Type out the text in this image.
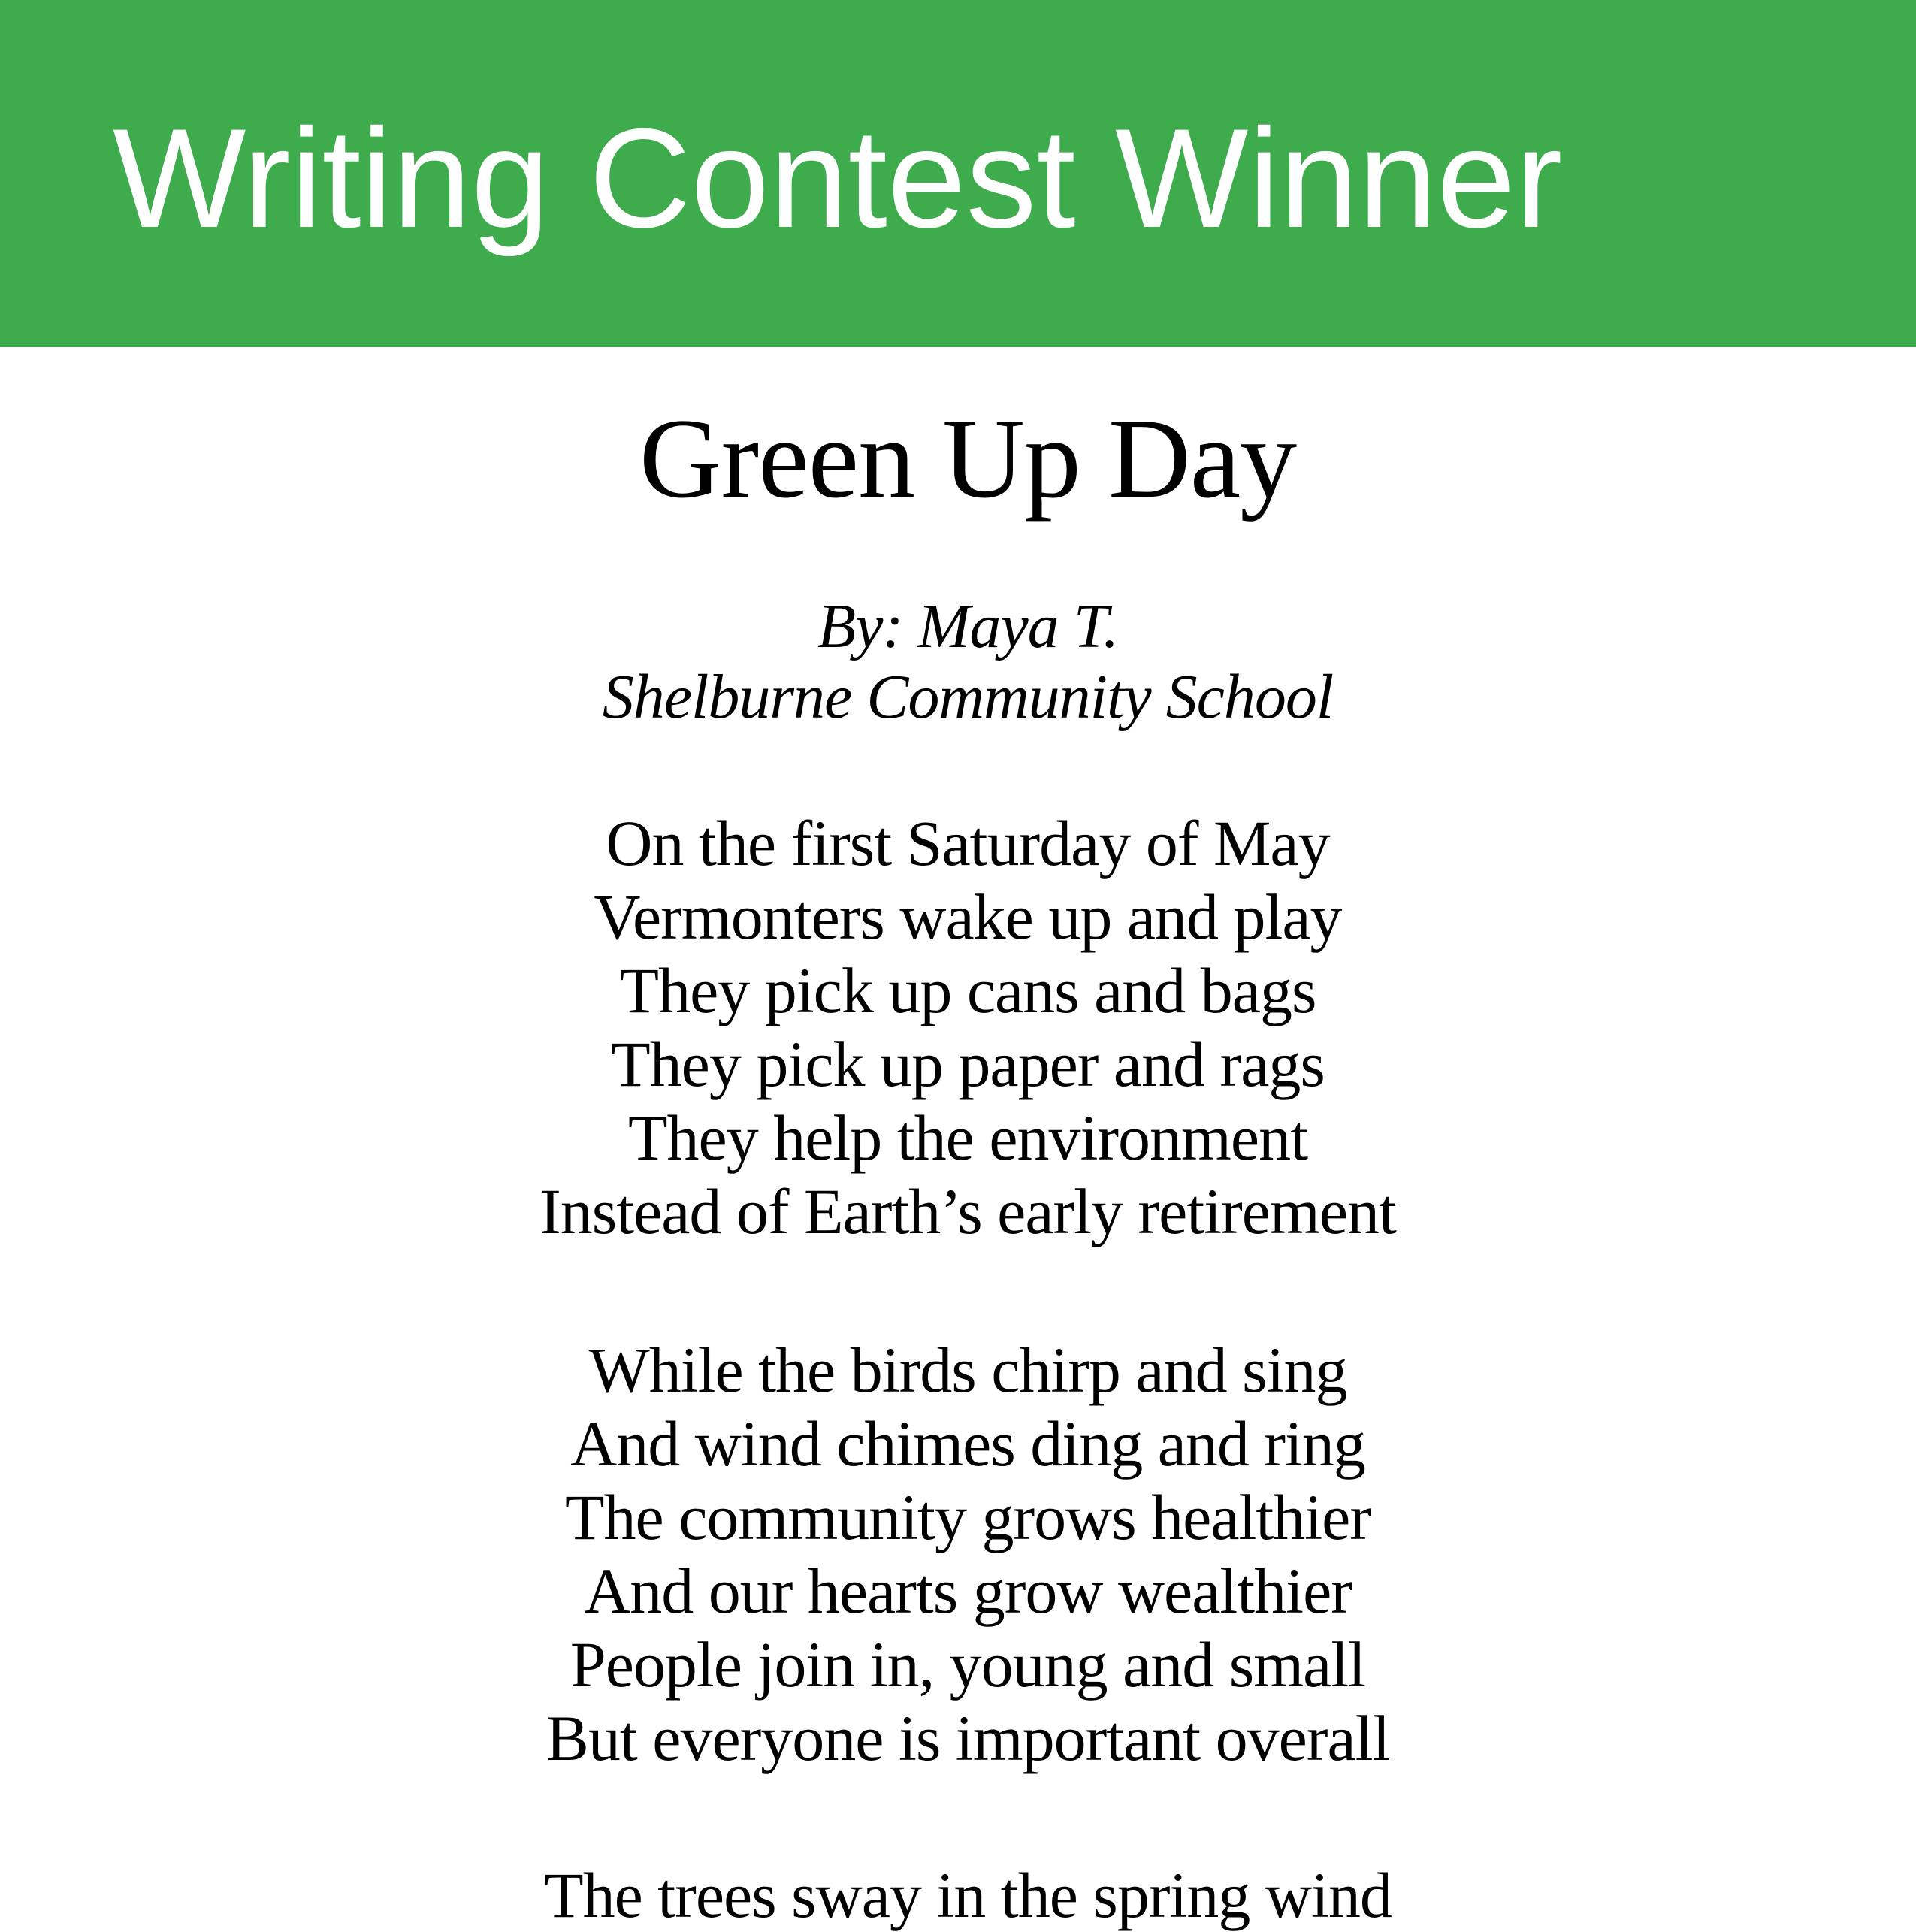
Writing Contest Winner
Green Up Day
By: Maya T.
Shelburne Community School
On the first Saturday of May
Vermonters wake up and play
They pick up cans and bags
They pick up paper and rags
They help the environment
Instead of Earth’s early retirement
While the birds chirp and sing
And wind chimes ding and ring
The community grows healthier
And our hearts grow wealthier
People join in, young and small
But everyone is important overall
The trees sway in the spring wind
